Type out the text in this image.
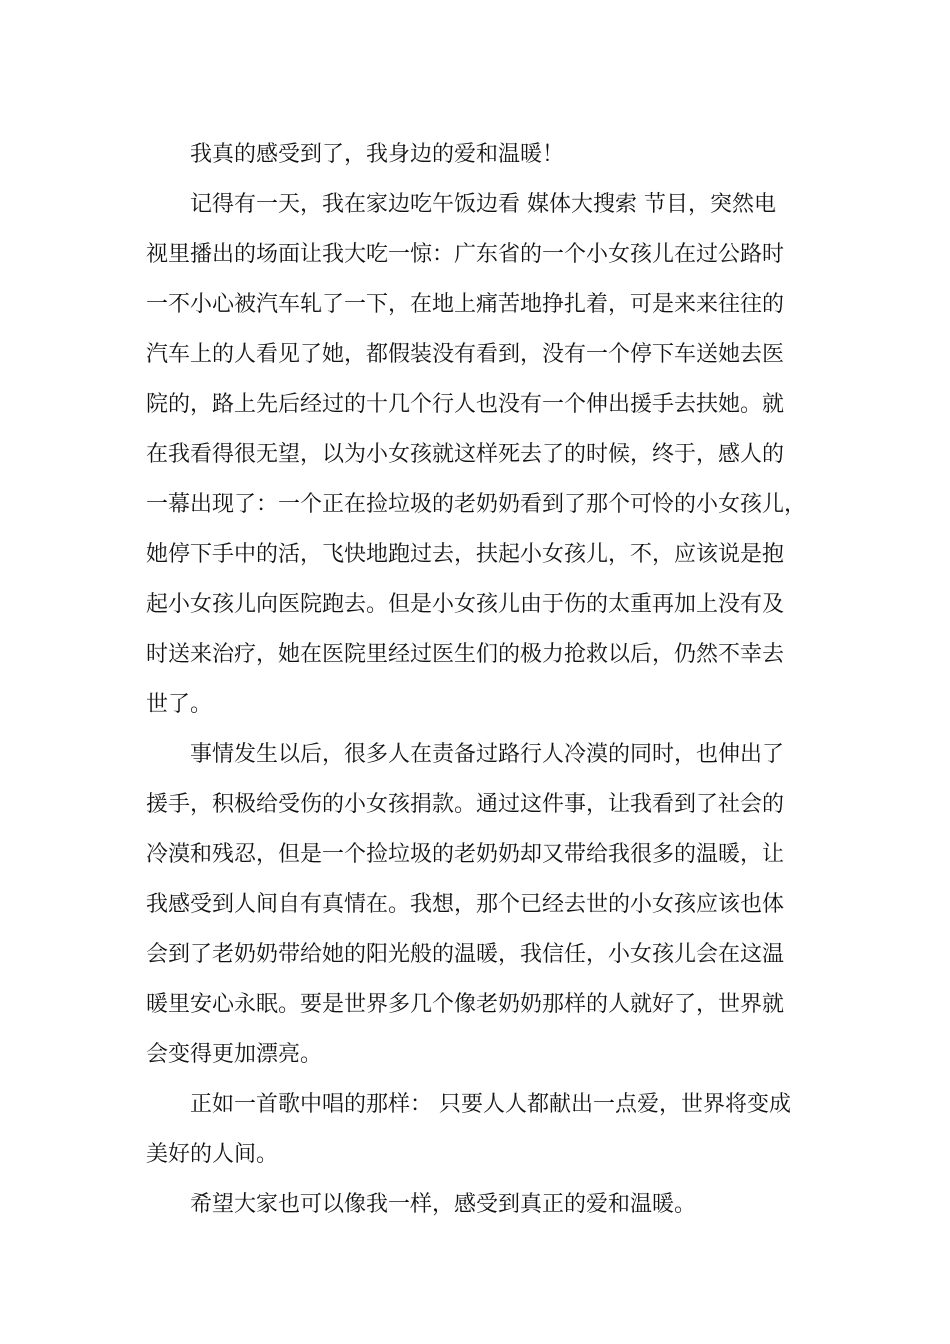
我真的感受到了，我身边的爱和温暖！
记得有一天，我在家边吃午饭边看 媒体大搜索 节目，突然电
视里播出的场面让我大吃一惊：广东省的一个小女孩儿在过公路时
一不小心被汽车轧了一下，在地上痛苦地挣扎着，可是来来往往的
汽车上的人看见了她，都假装没有看到，没有一个停下车送她去医
院的，路上先后经过的十几个行人也没有一个伸出援手去扶她。就
在我看得很无望，以为小女孩就这样死去了的时候，终于，感人的
一幕出现了：一个正在捡垃圾的老奶奶看到了那个可怜的小女孩儿，
她停下手中的活，飞快地跑过去，扶起小女孩儿，不，应该说是抱
起小女孩儿向医院跑去。但是小女孩儿由于伤的太重再加上没有及
时送来治疗，她在医院里经过医生们的极力抢救以后，仍然不幸去
世了。
事情发生以后，很多人在责备过路行人冷漠的同时，也伸出了
援手，积极给受伤的小女孩捐款。通过这件事，让我看到了社会的
冷漠和残忍，但是一个捡垃圾的老奶奶却又带给我很多的温暖，让
我感受到人间自有真情在。我想，那个已经去世的小女孩应该也体
会到了老奶奶带给她的阳光般的温暖，我信任，小女孩儿会在这温
暖里安心永眠。要是世界多几个像老奶奶那样的人就好了，世界就
会变得更加漂亮。
正如一首歌中唱的那样： 只要人人都献出一点爱，世界将变成
美好的人间。
希望大家也可以像我一样，感受到真正的爱和温暖。
